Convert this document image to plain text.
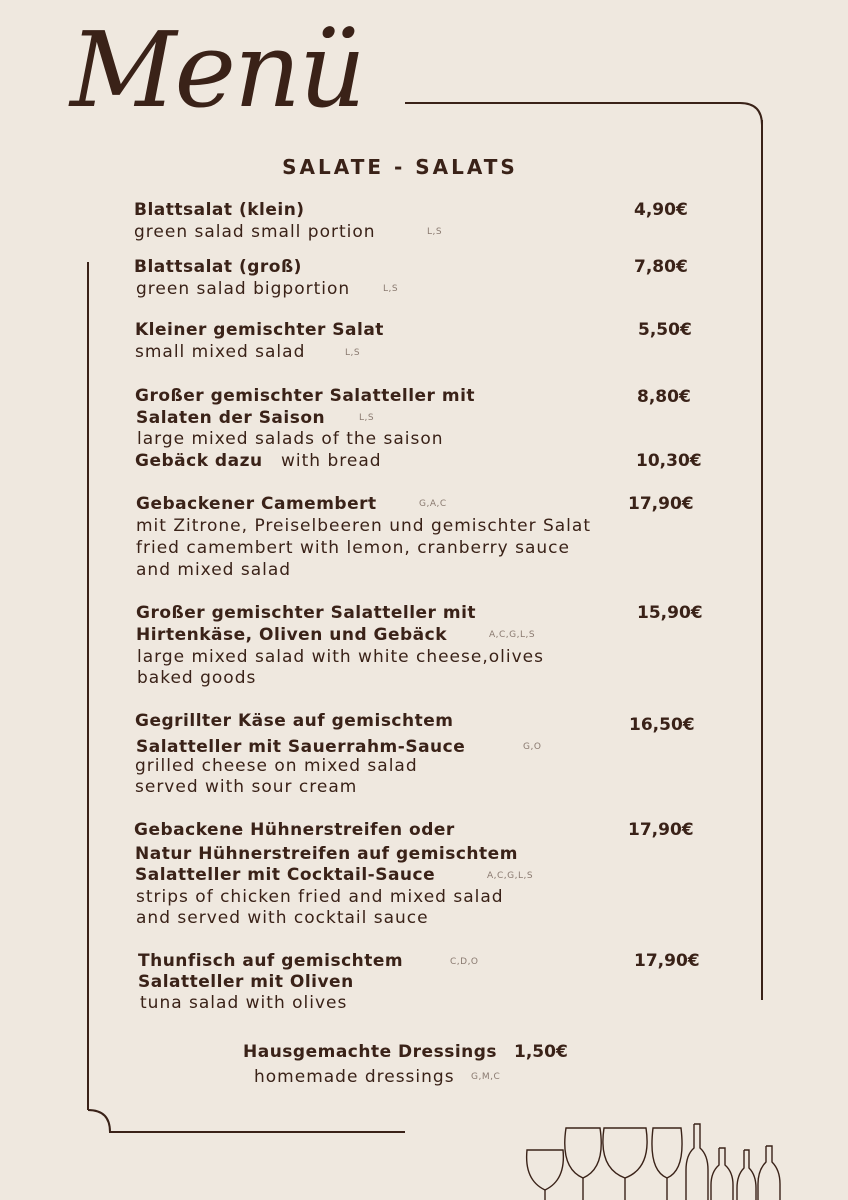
Menü
SALATE - SALATS
Blattsalat (klein)	4,90€
green salad small portion	L,S
Blattsalat (groß)	7,80€
green salad bigportion	L,S
Kleiner gemischter Salat	5,50€
small mixed salad	L,S
Großer gemischter Salatteller mit	8,80€
Salaten der Saison	L,S
large mixed salads of the saison
Gebäck dazu with bread	10,30€
Gebackener Camembert	G,A,C	17,90€
mit Zitrone, Preiselbeeren und gemischter Salat
fried camembert with lemon, cranberry sauce
and mixed salad
Großer gemischter Salatteller mit	15,90€
Hirtenkäse, Oliven und Gebäck	A,C,G,L,S
large mixed salad with white cheese,olives
baked goods
Gegrillter Käse auf gemischtem	16,50€
Salatteller mit Sauerrahm-Sauce	G,O
grilled cheese on mixed salad
served with sour cream
Gebackene Hühnerstreifen oder	17,90€
Natur Hühnerstreifen auf gemischtem
Salatteller mit Cocktail-Sauce	A,C,G,L,S
strips of chicken fried and mixed salad
and served with cocktail sauce
Thunfisch auf gemischtem	C,D,O	17,90€
Salatteller mit Oliven
tuna salad with olives
Hausgemachte Dressings 1,50€
homemade dressings G,M,C
